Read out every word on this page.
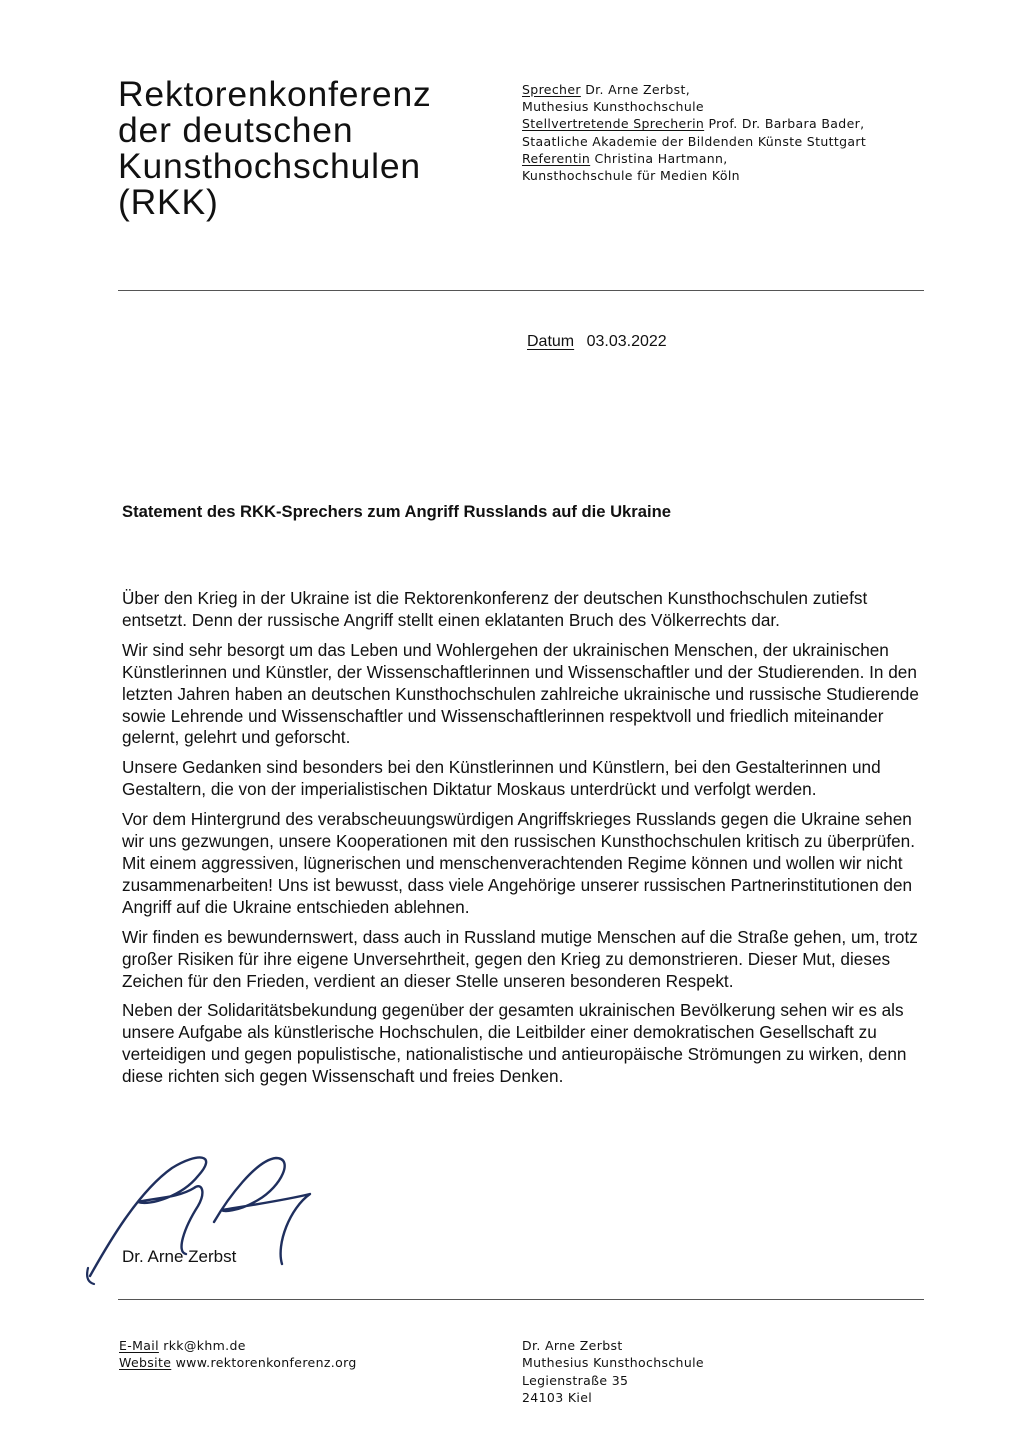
Rektorenkonferenz
der deutschen
Kunsthochschulen
(RKK)
Sprecher Dr. Arne Zerbst,
Muthesius Kunsthochschule
Stellvertretende Sprecherin Prof. Dr. Barbara Bader,
Staatliche Akademie der Bildenden Künste Stuttgart
Referentin Christina Hartmann,
Kunsthochschule für Medien Köln
Datum 03.03.2022
Statement des RKK-Sprechers zum Angriff Russlands auf die Ukraine

Über den Krieg in der Ukraine ist die Rektorenkonferenz der deutschen Kunsthochschulen zutiefst entsetzt. Denn der russische Angriff stellt einen eklatanten Bruch des Völkerrechts dar.

Wir sind sehr besorgt um das Leben und Wohlergehen der ukrainischen Menschen, der ukrainischen Künstlerinnen und Künstler, der Wissenschaftlerinnen und Wissenschaftler und der Studierenden. In den letzten Jahren haben an deutschen Kunsthochschulen zahlreiche ukrainische und russische Studierende sowie Lehrende und Wissenschaftler und Wissenschaftlerinnen respektvoll und friedlich miteinander gelernt, gelehrt und geforscht.

Unsere Gedanken sind besonders bei den Künstlerinnen und Künstlern, bei den Gestalterinnen und Gestaltern, die von der imperialistischen Diktatur Moskaus unterdrückt und verfolgt werden.

Vor dem Hintergrund des verabscheuungswürdigen Angriffskrieges Russlands gegen die Ukraine sehen wir uns gezwungen, unsere Kooperationen mit den russischen Kunsthochschulen kritisch zu überprüfen. Mit einem aggressiven, lügnerischen und menschenverachtenden Regime können und wollen wir nicht zusammenarbeiten! Uns ist bewusst, dass viele Angehörige unserer russischen Partnerinstitutionen den Angriff auf die Ukraine entschieden ablehnen.

Wir finden es bewundernswert, dass auch in Russland mutige Menschen auf die Straße gehen, um, trotz großer Risiken für ihre eigene Unversehrtheit, gegen den Krieg zu demonstrieren. Dieser Mut, dieses Zeichen für den Frieden, verdient an dieser Stelle unseren besonderen Respekt.

Neben der Solidaritätsbekundung gegenüber der gesamten ukrainischen Bevölkerung sehen wir es als unsere Aufgabe als künstlerische Hochschulen, die Leitbilder einer demokratischen Gesellschaft zu verteidigen und gegen populistische, nationalistische und antieuropäische Strömungen zu wirken, denn diese richten sich gegen Wissenschaft und freies Denken.

Dr. Arne Zerbst
E-Mail rkk@khm.de
Website www.rektorenkonferenz.org
Dr. Arne Zerbst
Muthesius Kunsthochschule
Legienstraße 35
24103 Kiel
